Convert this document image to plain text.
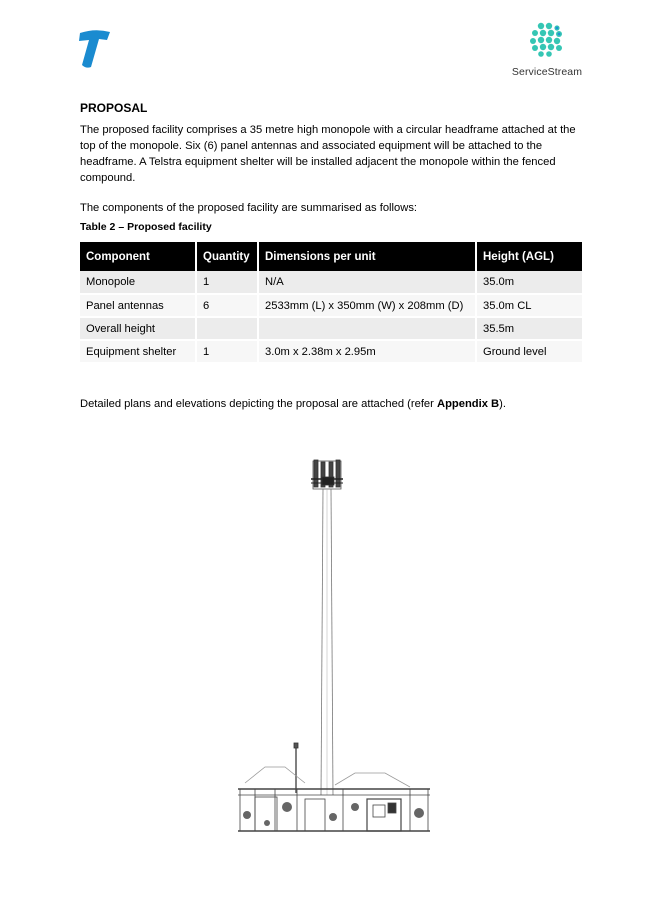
ServiceStream
PROPOSAL

The proposed facility comprises a 35 metre high monopole with a circular headframe attached at the top of the monopole. Six (6) panel antennas and associated equipment will be attached to the headframe. A Telstra equipment shelter will be installed adjacent the monopole within the fenced compound.

The components of the proposed facility are summarised as follows:

Table 2 – Proposed facility
Component	Quantity	Dimensions per unit	Height (AGL)
Monopole	1	N/A	35.0m
Panel antennas	6	2533mm (L) x 350mm (W) x 208mm (D)	35.0m CL
Overall height			35.5m
Equipment shelter	1	3.0m x 2.38m x 2.95m	Ground level

Detailed plans and elevations depicting the proposal are attached (refer Appendix B).
